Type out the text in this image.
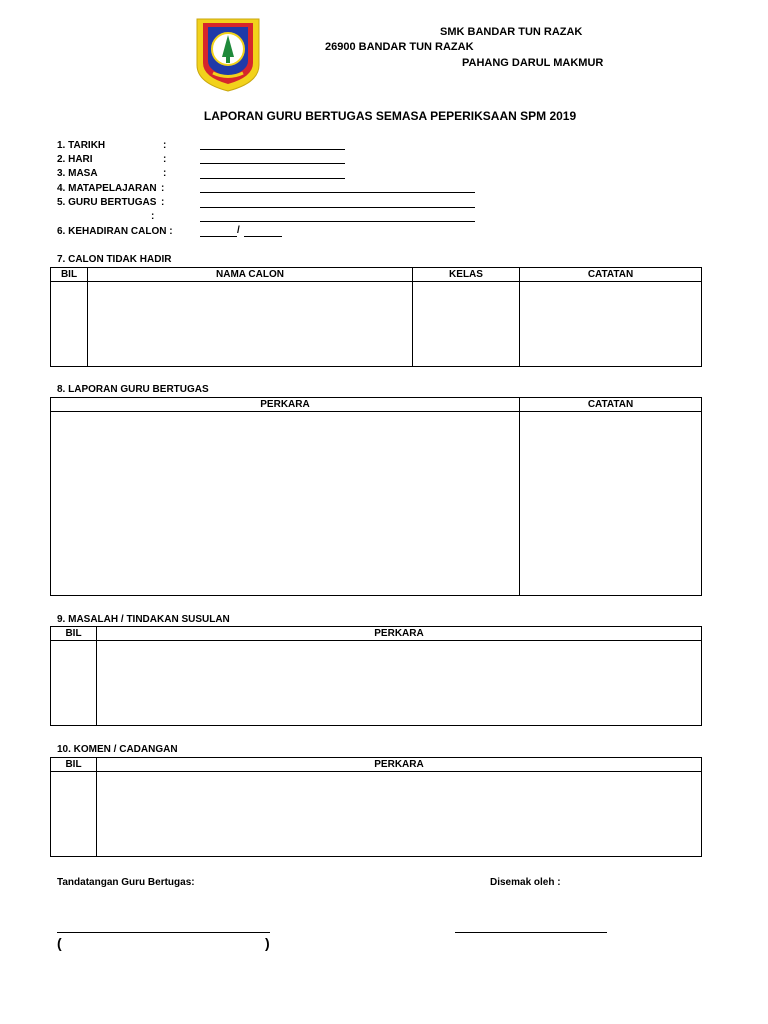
SMK BANDAR TUN RAZAK
26900 BANDAR TUN RAZAK
PAHANG DARUL MAKMUR
LAPORAN GURU BERTUGAS SEMASA PEPERIKSAAN SPM 2019
1. TARIKH	:
2. HARI	:
3. MASA	:
4. MATAPELAJARAN :
5. GURU BERTUGAS :
:
6. KEHADIRAN CALON :	/
7. CALON TIDAK HADIR
BIL	NAMA CALON	KELAS	CATATAN

8. LAPORAN GURU BERTUGAS
PERKARA	CATATAN

9. MASALAH / TINDAKAN SUSULAN
BIL	PERKARA

10. KOMEN / CADANGAN
BIL	PERKARA

Tandatangan Guru Bertugas:	Disemak oleh :
(	)
